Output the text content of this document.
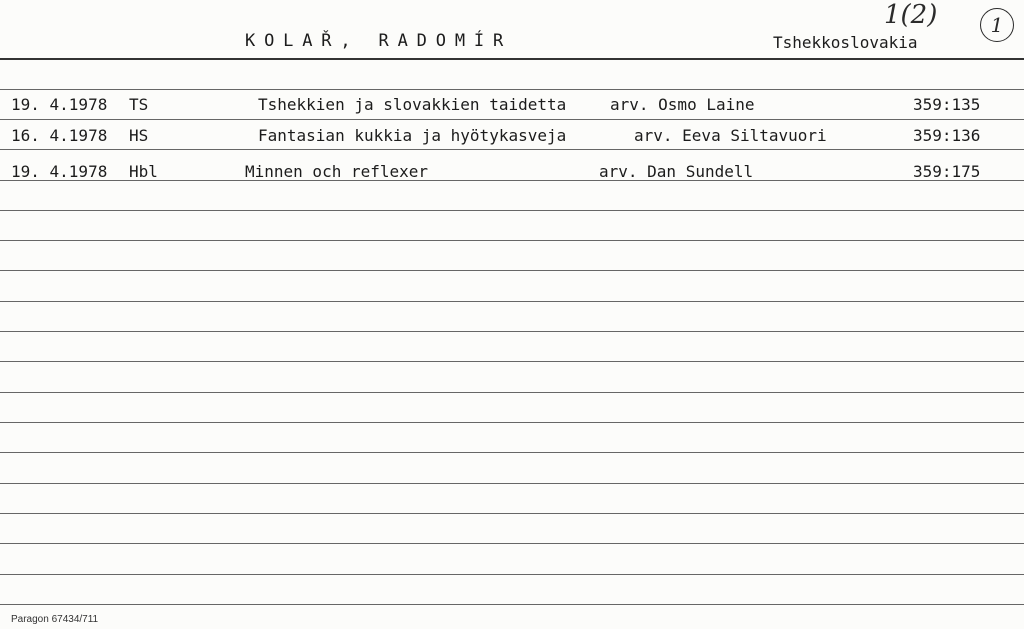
KOLAŘ, RADOMÍR	Tshekkoslovakia
1(2)	1
19. 4.1978 TS	Tshekkien ja slovakkien taidetta	arv. Osmo Laine	359:135
16. 4.1978 HS	Fantasian kukkia ja hyötykasveja	arv. Eeva Siltavuori	359:136
19. 4.1978 Hbl	Minnen och reflexer	arv. Dan Sundell	359:175
Paragon 67434/711
